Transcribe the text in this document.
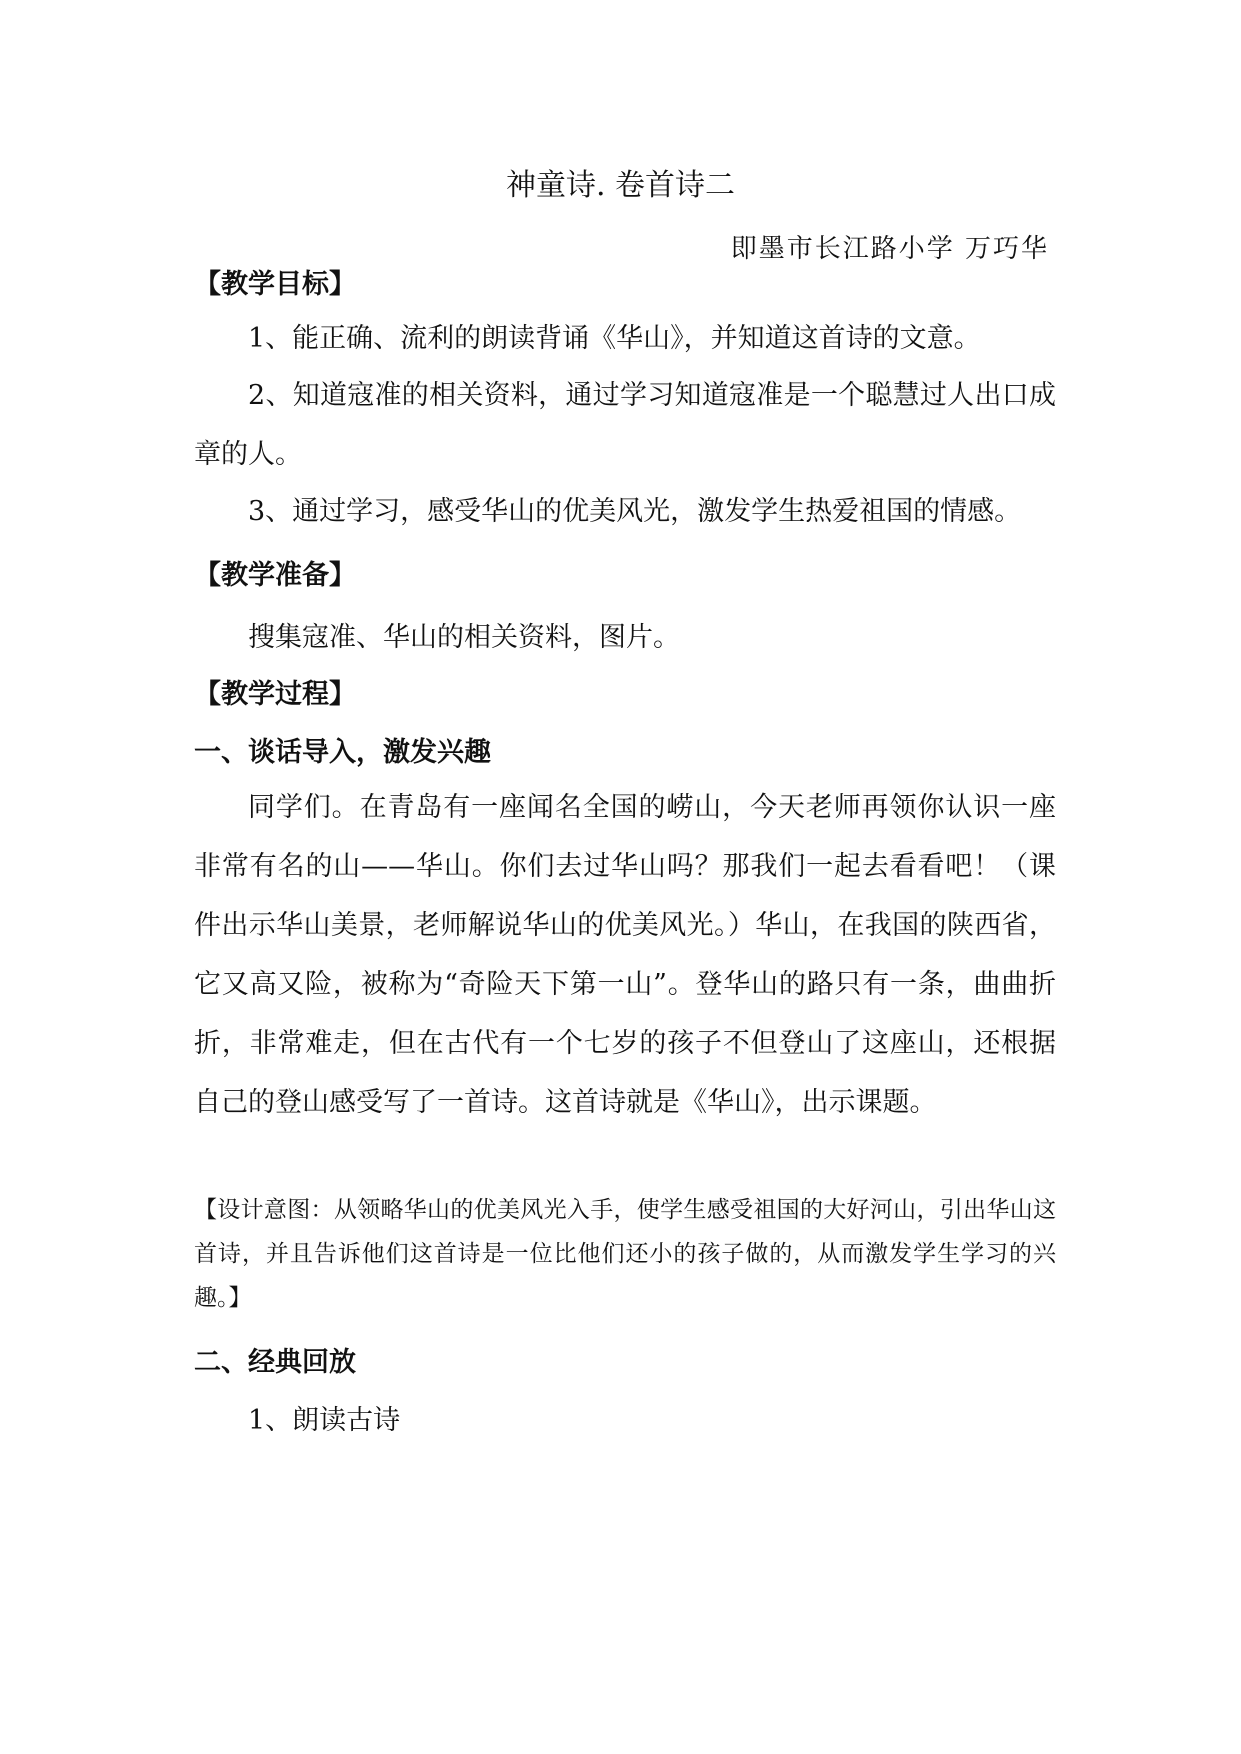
神童诗. 卷首诗二

即墨市长江路小学 万巧华

【教学目标】

1、能正确、流利的朗读背诵《华山》，并知道这首诗的文意。

2、知道寇准的相关资料，通过学习知道寇准是一个聪慧过人出口成章的人。

3、通过学习，感受华山的优美风光，激发学生热爱祖国的情感。

【教学准备】

搜集寇准、华山的相关资料，图片。

【教学过程】

一、谈话导入，激发兴趣

同学们。在青岛有一座闻名全国的崂山，今天老师再领你认识一座非常有名的山——华山。你们去过华山吗？那我们一起去看看吧！（课件出示华山美景，老师解说华山的优美风光。）华山，在我国的陕西省，它又高又险，被称为“奇险天下第一山”。登华山的路只有一条，曲曲折折，非常难走，但在古代有一个七岁的孩子不但登山了这座山，还根据自己的登山感受写了一首诗。这首诗就是《华山》，出示课题。

【设计意图：从领略华山的优美风光入手，使学生感受祖国的大好河山，引出华山这首诗，并且告诉他们这首诗是一位比他们还小的孩子做的，从而激发学生学习的兴趣。】

二、经典回放

1、朗读古诗
